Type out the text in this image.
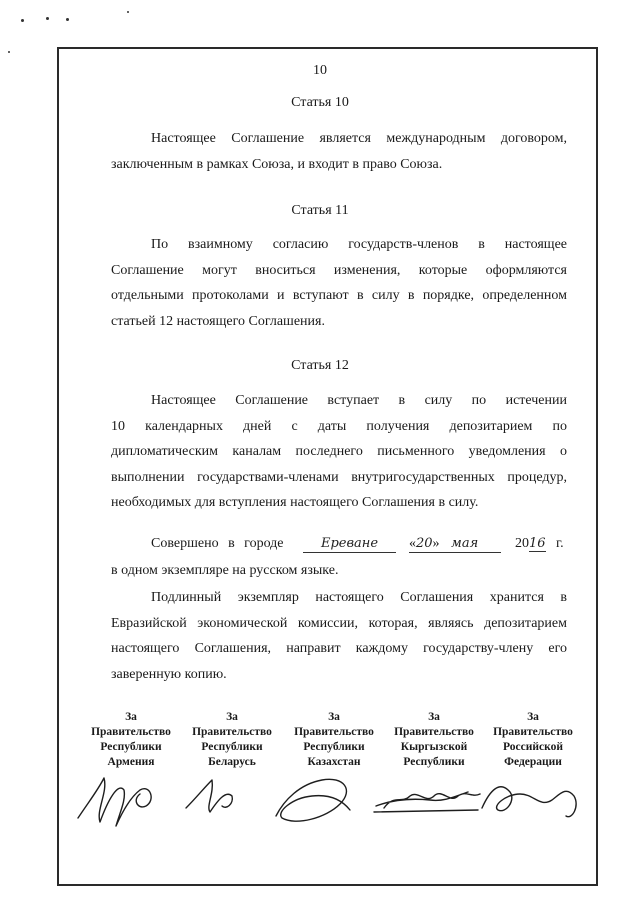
10
Статья 10
Настоящее Соглашение является международным договором,
заключенным в рамках Союза, и входит в право Союза.
Статья 11
По взаимному согласию государств-членов в настоящее
Соглашение могут вноситься изменения, которые оформляются
отдельными протоколами и вступают в силу в порядке, определенном
статьей 12 настоящего Соглашения.
Статья 12
Настоящее Соглашение вступает в силу по истечении
10 календарных дней с даты получения депозитарием по
дипломатическим каналам последнего письменного уведомления о
выполнении государствами-членами внутригосударственных процедур,
необходимых для вступления настоящего Соглашения в силу.
Совершено в городе	Ереване	«20» мая	2016 г.
в одном экземпляре на русском языке.
Подлинный экземпляр настоящего Соглашения хранится в
Евразийской экономической комиссии, которая, являясь депозитарием
настоящего Соглашения, направит каждому государству-члену его
заверенную копию.
За
Правительство
Республики
Армения
За
Правительство
Республики
Беларусь
За
Правительство
Республики
Казахстан
За
Правительство
Кыргызской
Республики
За
Правительство
Российской
Федерации
